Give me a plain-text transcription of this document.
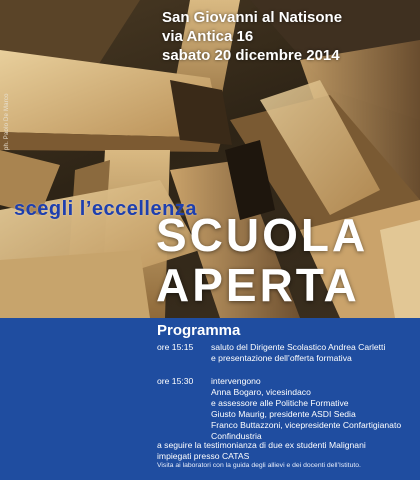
ph. Paolo De Marco
San Giovanni al Natisone
via Antica 16
sabato 20 dicembre 2014
scegli l’eccellenza
SCUOLA
APERTA
Programma
ore 15:15 saluto del Dirigente Scolastico Andrea Carletti
e presentazione dell’offerta formativa
ore 15:30 intervengono
Anna Bogaro, vicesindaco
e assessore alle Politiche Formative
Giusto Maurig, presidente ASDI Sedia
Franco Buttazzoni, vicepresidente Confartigianato
Confindustria
a seguire la testimonianza di due ex studenti Malignani
impiegati presso CATAS
Visita ai laboratori con la guida degli allievi e dei docenti dell’Istituto.
